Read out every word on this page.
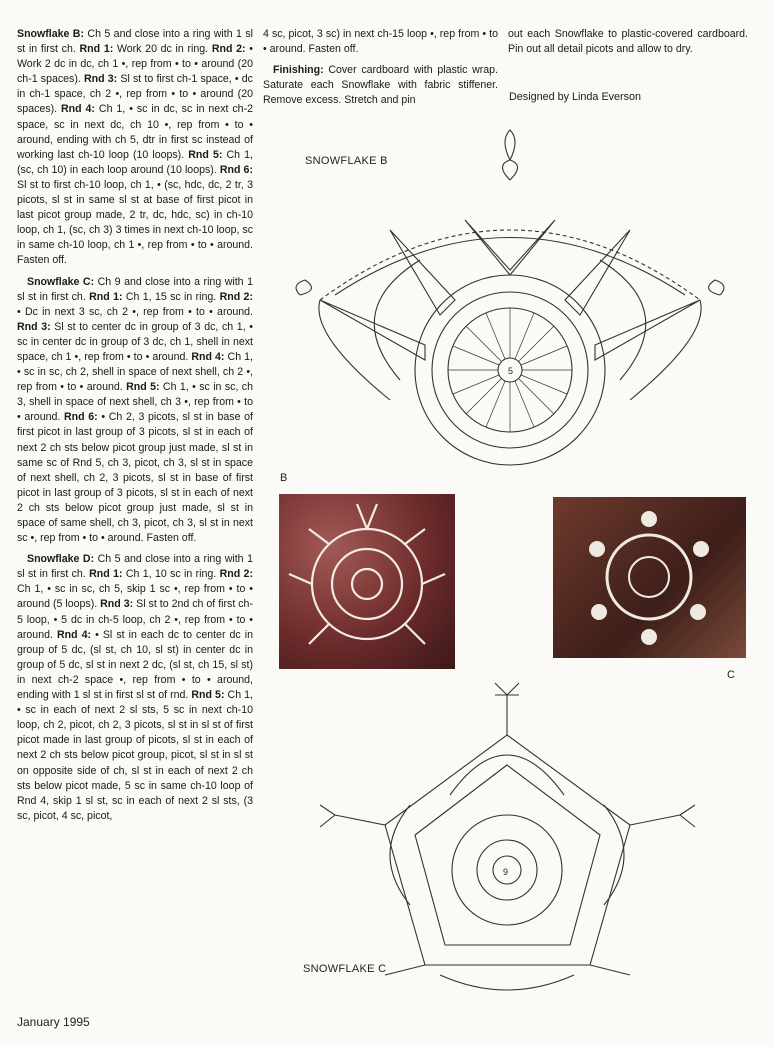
Snowflake B: Ch 5 and close into a ring with 1 sl st in first ch. Rnd 1: Work 20 dc in ring. Rnd 2: • Work 2 dc in dc, ch 1 •, rep from • to • around (20 ch-1 spaces). Rnd 3: Sl st to first ch-1 space, • dc in ch-1 space, ch 2 •, rep from • to • around (20 spaces). Rnd 4: Ch 1, • sc in dc, sc in next ch-2 space, sc in next dc, ch 10 •, rep from • to • around, ending with ch 5, dtr in first sc instead of working last ch-10 loop (10 loops). Rnd 5: Ch 1, (sc, ch 10) in each loop around (10 loops). Rnd 6: Sl st to first ch-10 loop, ch 1, • (sc, hdc, dc, 2 tr, 3 picots, sl st in same sl st at base of first picot in last picot group made, 2 tr, dc, hdc, sc) in ch-10 loop, ch 1, (sc, ch 3) 3 times in next ch-10 loop, sc in same ch-10 loop, ch 1 •, rep from • to • around. Fasten off.

Snowflake C: Ch 9 and close into a ring with 1 sl st in first ch. Rnd 1: Ch 1, 15 sc in ring. Rnd 2: • Dc in next 3 sc, ch 2 •, rep from • to • around. Rnd 3: Sl st to center dc in group of 3 dc, ch 1, • sc in center dc in group of 3 dc, ch 1, shell in next space, ch 1 •, rep from • to • around. Rnd 4: Ch 1, • sc in sc, ch 2, shell in space of next shell, ch 2 •, rep from • to • around. Rnd 5: Ch 1, • sc in sc, ch 3, shell in space of next shell, ch 3 •, rep from • to • around. Rnd 6: • Ch 2, 3 picots, sl st in base of first picot in last group of 3 picots, sl st in each of next 2 ch sts below picot group just made, sl st in same sc of Rnd 5, ch 3, picot, ch 3, sl st in space of next shell, ch 2, 3 picots, sl st in base of first picot in last group of 3 picots, sl st in each of next 2 ch sts below picot group just made, sl st in space of same shell, ch 3, picot, ch 3, sl st in next sc •, rep from • to • around. Fasten off.

Snowflake D: Ch 5 and close into a ring with 1 sl st in first ch. Rnd 1: Ch 1, 10 sc in ring. Rnd 2: Ch 1, • sc in sc, ch 5, skip 1 sc •, rep from • to • around (5 loops). Rnd 3: Sl st to 2nd ch of first ch-5 loop, • 5 dc in ch-5 loop, ch 2 •, rep from • to • around. Rnd 4: • Sl st in each dc to center dc in group of 5 dc, (sl st, ch 10, sl st) in center dc in group of 5 dc, sl st in next 2 dc, (sl st, ch 15, sl st) in next ch-2 space •, rep from • to • around, ending with 1 sl st in first sl st of rnd. Rnd 5: Ch 1, • sc in each of next 2 sl sts, 5 sc in next ch-10 loop, ch 2, picot, ch 2, 3 picots, sl st in sl st of first picot made in last group of picots, sl st in each of next 2 ch sts below picot group, picot, sl st in sl st on opposite side of ch, sl st in each of next 2 ch sts below picot made, 5 sc in same ch-10 loop of Rnd 4, skip 1 sl st, sc in each of next 2 sl sts, (3 sc, picot, 4 sc, picot,

4 sc, picot, 3 sc) in next ch-15 loop •, rep from • to • around. Fasten off.

Finishing: Cover cardboard with plastic wrap. Saturate each Snowflake with fabric stiffener. Remove excess. Stretch and pin

out each Snowflake to plastic-covered cardboard. Pin out all detail picots and allow to dry.

Designed by Linda Everson
SNOWFLAKE B
5
B
C
9
SNOWFLAKE C
January 1995
